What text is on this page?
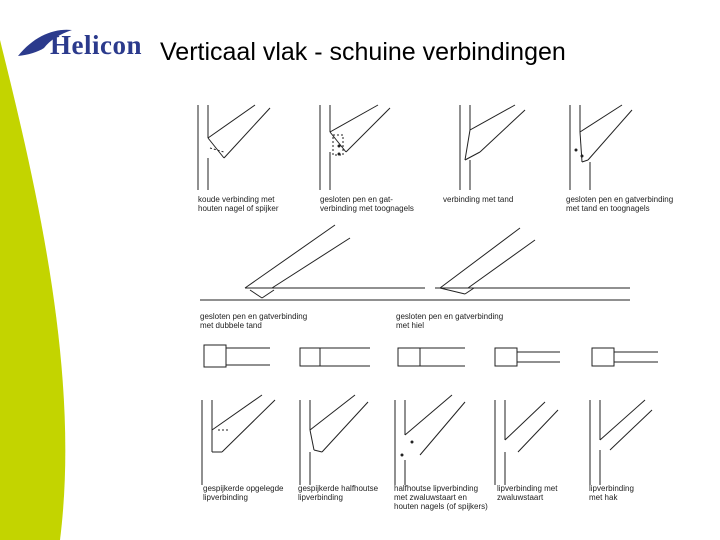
Helicon Verticaal vlak - schuine verbindingen
koude verbinding met
houten nagel of spijker
gesloten pen en gat-
verbinding met toognagels
verbinding met tand	gesloten pen en gatverbinding
met tand en toognagels
gesloten pen en gatverbinding
met dubbele tand
gesloten pen en gatverbinding
met hiel
gespijkerde opgelegde
lipverbinding
gespijkerde halfhoutse
lipverbinding
halfhoutse lipverbinding
met zwaluwstaart en
houten nagels (of spijkers)
lipverbinding met
zwaluwstaart
lipverbinding
met hak
